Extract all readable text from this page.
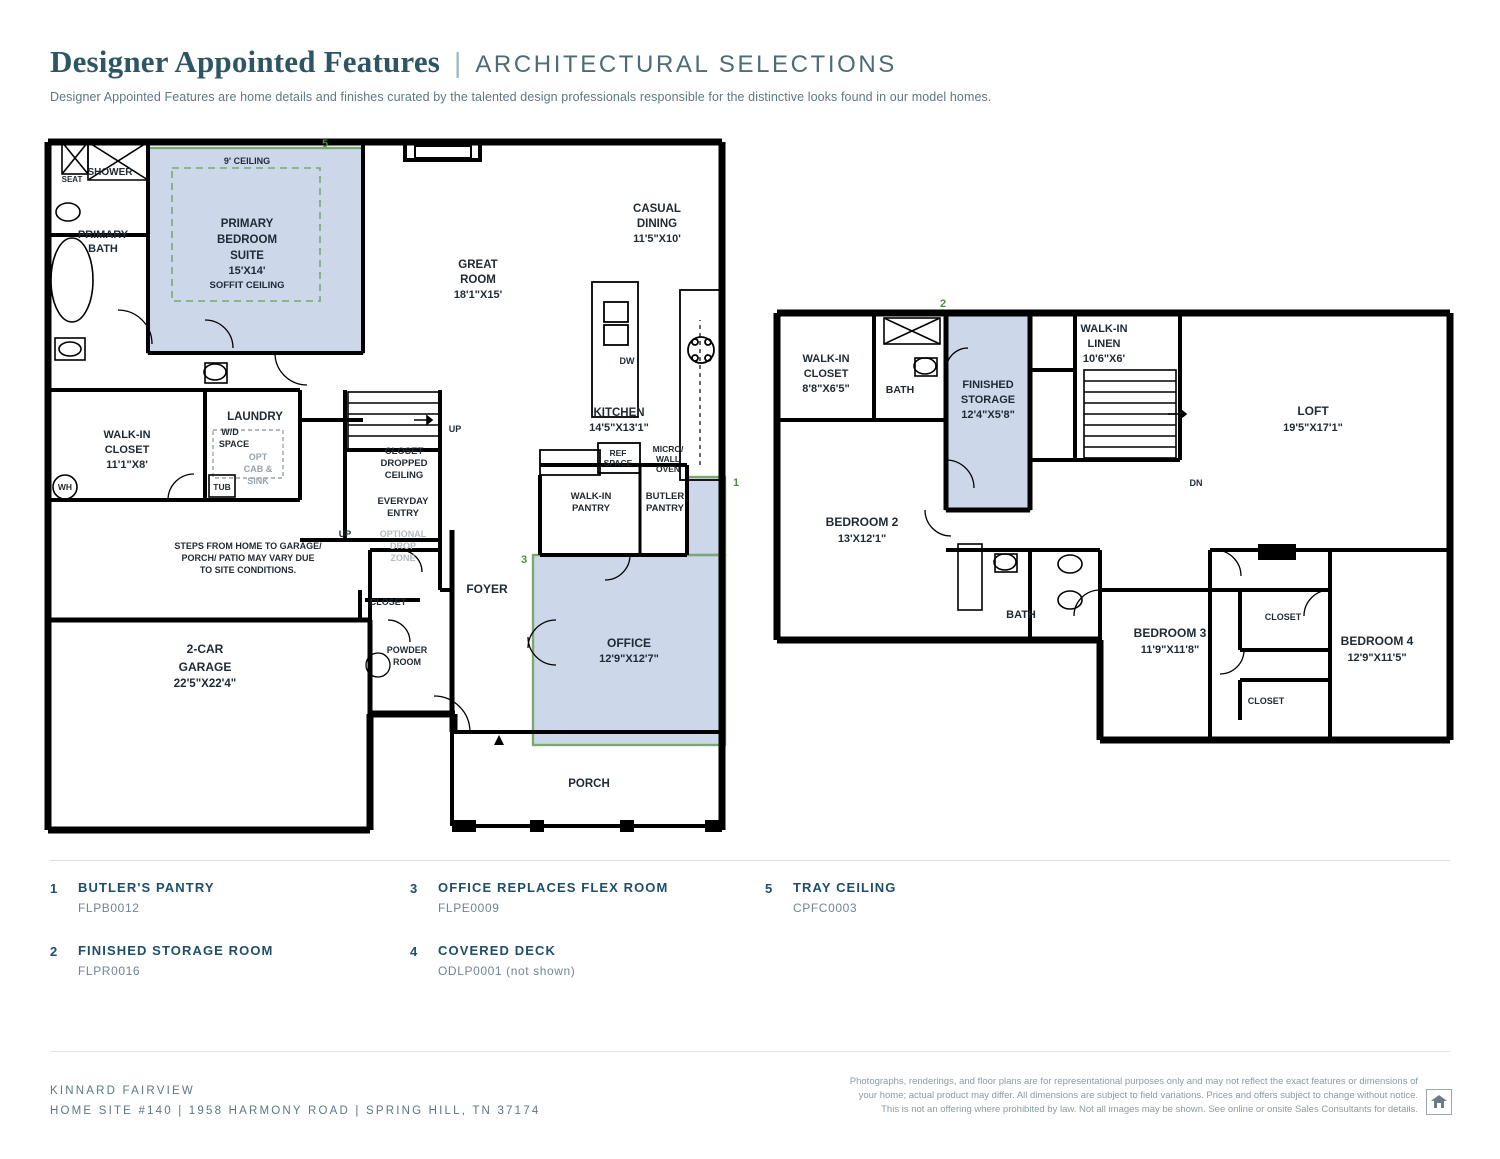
Designer Appointed Features | ARCHITECTURAL SELECTIONS
Designer Appointed Features are home details and finishes curated by the talented design professionals responsible for the distinctive looks found in our model homes.
5
1
3
SHOWER
SEAT
PRIMARY
BATH
9' CEILING
PRIMARY
BEDROOM
SUITE
15'X14'
SOFFIT CEILING
WALK-IN
CLOSET
11'1"X8'
LAUNDRY
W/D
SPACE
OPT
CAB &
SINK
TUB
WH
GREAT
ROOM
18'1"X15'
CASUAL
DINING
11'5"X10'
KITCHEN
14'5"X13'1"
DW
REF
SPACE
MICRO/
WALL
OVEN
WALK-IN
PANTRY
BUTLER
PANTRY
CLOSET
DROPPED
CEILING
EVERYDAY
ENTRY
OPTIONAL
DROP
ZONE
CLOSET
FOYER
POWDER
ROOM
OFFICE
12'9"X12'7"
2-CAR
GARAGE
22'5"X22'4"
PORCH
STEPS FROM HOME TO GARAGE/
PORCH/ PATIO MAY VARY DUE
TO SITE CONDITIONS.
UP
UP
2
WALK-IN
CLOSET
8'8"X6'5"	BATH	FINISHED
STORAGE
12'4"X5'8"
WALK-IN
LINEN
10'6"X6'
LOFT
19'5"X17'1"
BEDROOM 2
13'X12'1"
BATH
BEDROOM 3
11'9"X11'8"
BEDROOM 4
12'9"X11'5"
CLOSET
CLOSET
DN
1 BUTLER'S PANTRY
FLPB0012
2 FINISHED STORAGE ROOM
FLPR0016
3 OFFICE REPLACES FLEX ROOM
FLPE0009
4 COVERED DECK
ODLP0001 (not shown)
5 TRAY CEILING
CPFC0003
KINNARD FAIRVIEW
HOME SITE #140 | 1958 HARMONY ROAD | SPRING HILL, TN 37174
Photographs, renderings, and floor plans are for representational purposes only and may not reflect the exact features or dimensions of
your home; actual product may differ. All dimensions are subject to field variations. Prices and offers subject to change without notice.
This is not an offering where prohibited by law. Not all images may be shown. See online or onsite Sales Consultants for details.
